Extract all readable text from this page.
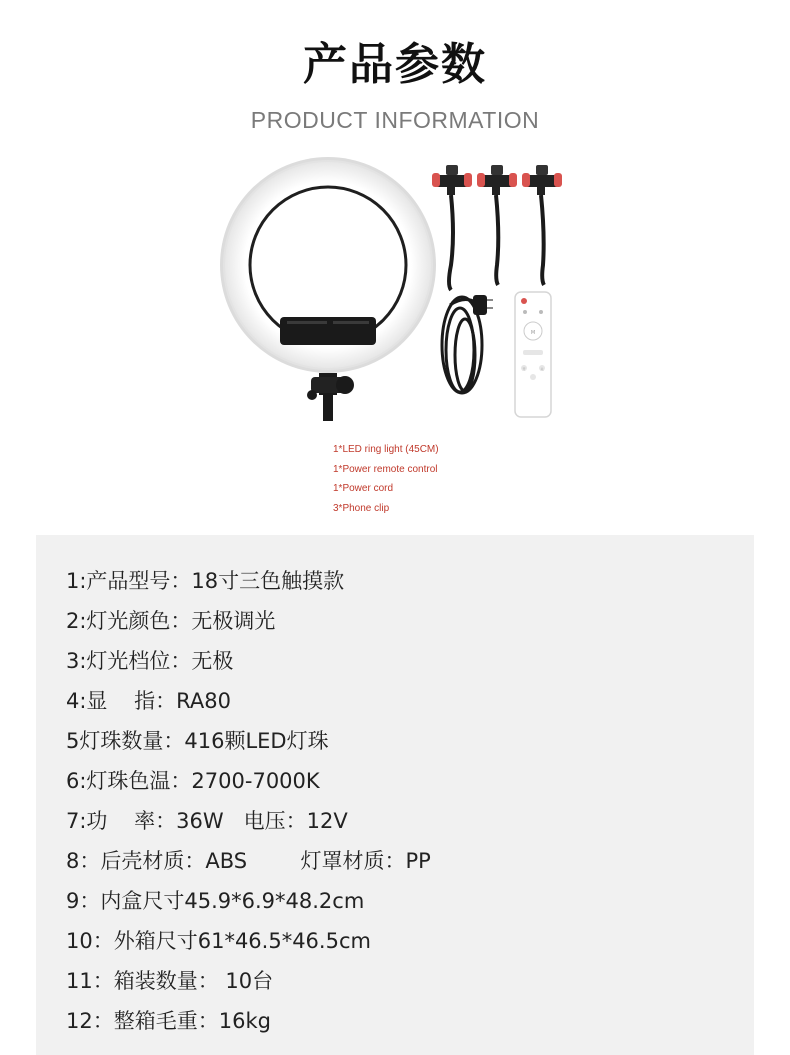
产品参数
PRODUCT INFORMATION
M
开	关
1*LED ring light (45CM)
1*Power remote control
1*Power cord
3*Phone clip
1:产品型号：18寸三色触摸款
2:灯光颜色：无极调光
3:灯光档位：无极
4:显    指：RA80
5灯珠数量：416颗LED灯珠
6:灯珠色温：2700-7000K
7:功    率：36W   电压：12V
8：后壳材质：ABS        灯罩材质：PP
9：内盒尺寸45.9*6.9*48.2cm
10：外箱尺寸61*46.5*46.5cm
11：箱装数量： 10台
12：整箱毛重：16kg
